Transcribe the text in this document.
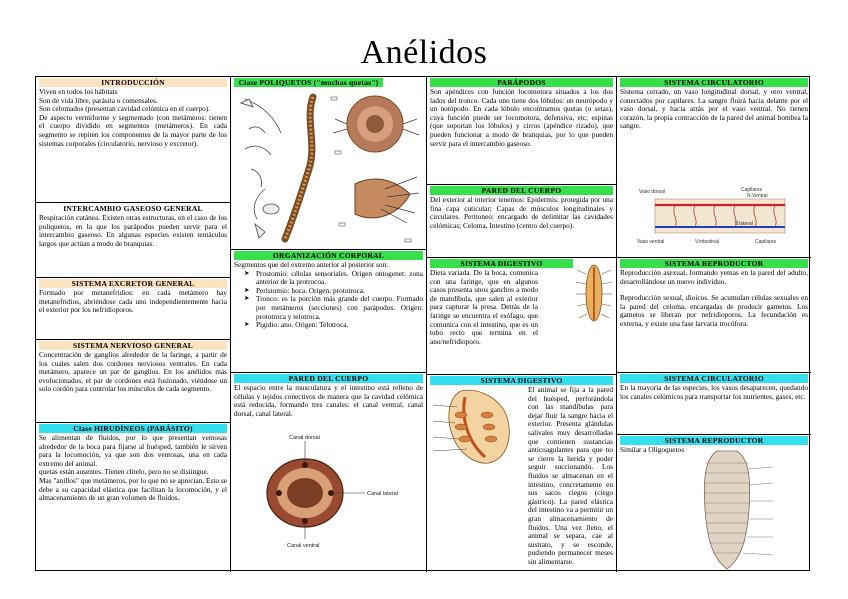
Anélidos
INTRODUCCIÓN

Viven en todos los hábitats

Son de vida libre, parásita o comensales.

Son celomados (presentan cavidad celómica en el cuerpo).

De aspecto vermiforme y segmentado (con metámeros: tienen el cuerpo dividido en segmentos (metámeros). En cada segmento se repiten los componentes de la mayor parte de los sistemas corporales (circulatorio, nervioso y excretor).

INTERCAMBIO GASEOSO GENERAL
Respiración cutánea. Existen otras estructuras, en el caso de los poliquetos, en la que los parápodos pueden servir para el intercambio gaseoso. En algunas especies existen tentáculos largos que actúan a modo de branquias.
SISTEMA EXCRETOR GENERAL
Formado por metanefridios: en cada metámero hay metanefridios, abriéndose cada uno independientemente hacia el exterior por los nefridioporos.
SISTEMA NERVIOSO GENERAL
Concentración de ganglios alrededor de la faringe, a partir de los cuales salen dos cordones nerviosos ventrales. En cada metámero, aparece un par de ganglios. En los anélidos más evolucionados, el par de cordones está fusionado, viéndose un solo cordón para controlar los músculos de cada segmento.
Clase HIRUDÍNEOS (PARÁSITO)

Se alimentan de fluidos, por lo que presentan ventosas alrededor de la boca para fijarse al huésped, también le sirven para la locomoción, ya que son dos ventosas, una en cada extremo del animal.

quetas están ausentes. Tienen clitelo, pero no se distingue.

Mas "anillos" que metámeros, por lo que no se aprecian. Esto se debe a su capacidad elástica que facilitan la locomoción, y el almacenamiento de un gran volumen de fluidos.

Clase POLIQUETOS ("muchas quetas")
ORGANIZACIÓN CORPORAL
Segmentos que del extremo anterior al posterior son:
➤ Prostomio: células sensoriales. Origen ontogenet: zona anterior de la protrocoa.
➤ Peristomio: boca. Origen: prototroca.
➤ Tronco: es la porción más grande del cuerpo. Formado por metámeros (secciones) con parápodos. Origen: prototroca y telotroca.
➤ Pigidio: ano. Origen: Telotroca.
PARED DEL CUERPO
El espacio entre la musculatura y el intestino está relleno de células y tejidos conectivos de manera que la cavidad celómica está reducida, formando tres canales: el canal ventral, canal dorsal, canal lateral.
Canal dorsal
Canal lateral
Canal ventral
PARÁPODOS
Son apéndices con función locomotora situados a los dos lados del tronco. Cada uno tiene dos lóbulos: un neurópodo y un notópodo. En cada lóbulo encontramos quetas (o setas), cuya función puede ser locomotora, defensiva, etc; espinas (que soportan los lóbulos) y cirros (apéndice rizado), que pueden funcionar a modo de branquias, por lo que pueden servir para el intercambio gaseoso.
PARED DEL CUERPO
Del exterior al interior tenemos: Epidermis: protegida por una fina capa cuticular; Capas de músculos longitudinales y circulares. Peritoneo: encargado de delimitar las cavidades celómicas; Celoma, Intestino (centro del cuerpo).
SISTEMA DIGESTIVO
Dieta variada. De la boca, comunica con una faringe, que en algunos casos presenta unos ganchos a modo de mandíbula, que salen al exterior para capturar la presa. Detrás de la faringe se encuentra el esófago, que comunica con el intestino, que es un tubo recto que termina en el ano/nefridioporo.
SISTEMA DIGESTIVO
El animal se fija a la pared del huésped, perforándola con las mandíbulas para dejar fluir la sangre hacia el exterior. Presenta glándulas salivales muy desarrolladas que contienen sustancias anticoagulantes para que no se cierre la herida y poder seguir succionando. Los fluidos se almacenan en el intestino, concretamente en sus sacos ciegos (ciego gástrico). La pared elástica del intestino va a permitir un gran almacenamiento de fluidos. Una vez lleno, el animal se separa, cae al sustrato, y se esconde, pudiendo permanecer meses sin alimentarse.
SISTEMA CIRCULATORIO
Sistema cerrado, un vaso longitudinal dorsal, y otro ventral, conectados por capilares. La sangre fluirá hacia delante por el vaso dorsal, y hacia atrás por el vaso ventral. No tienen corazón, la propia contracción de la pared del animal bombea la sangre.
Vaso dorsal	Capilares
N.Ventral
Vaso ventral	V.intestinal	Capilares
V.lateral
SISTEMA REPRODUCTOR

Reproducción asexual, formando yemas en la pared del adulto, desarrollándose un nuevo individuo.

Reproducción sexual, dioicos. Se acumulan células sexuales en la pared del celoma, encargadas de producir gametos. Los gametos se liberan por nefridioporos. La fecundación es externa, y existe una fase larvaria trocófora.

SISTEMA CIRCULATORIO
En la mayoría de las especies, los vasos desaparecen, quedando los canales celómicos para transportar los nutrientes, gases, etc.
SISTEMA REPRODUCTOR
Similar a Oligoquetos
